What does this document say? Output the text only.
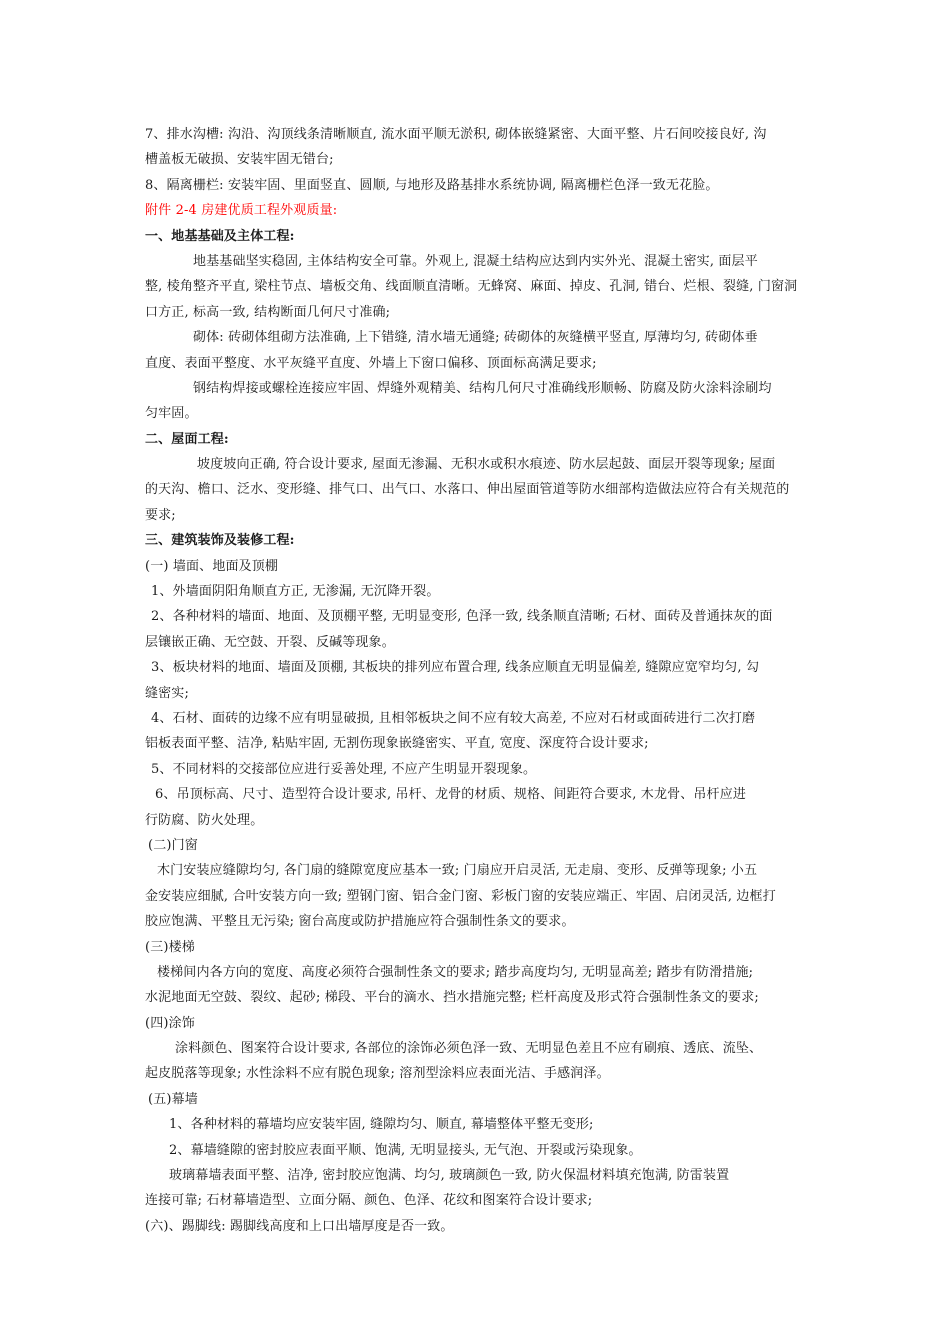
7、排水沟槽: 沟沿、沟顶线条清晰顺直, 流水面平顺无淤积, 砌体嵌缝紧密、大面平整、片石间咬接良好, 沟
槽盖板无破损、安装牢固无错台;
8、隔离栅栏: 安装牢固、里面竖直、圆顺, 与地形及路基排水系统协调, 隔离栅栏色泽一致无花脸。
附件 2-4 房建优质工程外观质量:
一、地基基础及主体工程:
地基基础坚实稳固, 主体结构安全可靠。外观上, 混凝土结构应达到内实外光、混凝土密实, 面层平
整, 棱角整齐平直, 梁柱节点、墙板交角、线面顺直清晰。无蜂窝、麻面、掉皮、孔洞, 错台、烂根、裂缝, 门窗洞
口方正, 标高一致, 结构断面几何尺寸准确;
砌体: 砖砌体组砌方法准确, 上下错缝, 清水墙无通缝; 砖砌体的灰缝横平竖直, 厚薄均匀, 砖砌体垂
直度、表面平整度、水平灰缝平直度、外墙上下窗口偏移、顶面标高满足要求;
钢结构焊接或螺栓连接应牢固、焊缝外观精美、结构几何尺寸准确线形顺畅、防腐及防火涂料涂刷均
匀牢固。
二、屋面工程:
坡度坡向正确, 符合设计要求, 屋面无渗漏、无积水或积水痕迹、防水层起鼓、面层开裂等现象; 屋面
的天沟、檐口、泛水、变形缝、排气口、出气口、水落口、伸出屋面管道等防水细部构造做法应符合有关规范的
要求;
三、建筑装饰及装修工程:
(一) 墙面、地面及顶棚
1、外墙面阴阳角顺直方正, 无渗漏, 无沉降开裂。
2、各种材料的墙面、地面、及顶棚平整, 无明显变形, 色泽一致, 线条顺直清晰; 石材、面砖及普通抹灰的面
层镶嵌正确、无空鼓、开裂、反碱等现象。
3、板块材料的地面、墙面及顶棚, 其板块的排列应布置合理, 线条应顺直无明显偏差, 缝隙应宽窄均匀, 勾
缝密实;
4、石材、面砖的边缘不应有明显破损, 且相邻板块之间不应有较大高差, 不应对石材或面砖进行二次打磨
铝板表面平整、洁净, 粘贴牢固, 无割伤现象嵌缝密实、平直, 宽度、深度符合设计要求;
5、不同材料的交接部位应进行妥善处理, 不应产生明显开裂现象。
6、吊顶标高、尺寸、造型符合设计要求, 吊杆、龙骨的材质、规格、间距符合要求, 木龙骨、吊杆应进
行防腐、防火处理。
(二)门窗
木门安装应缝隙均匀, 各门扇的缝隙宽度应基本一致; 门扇应开启灵活, 无走扇、变形、反弹等现象; 小五
金安装应细腻, 合叶安装方向一致; 塑钢门窗、铝合金门窗、彩板门窗的安装应端正、牢固、启闭灵活, 边框打
胶应饱满、平整且无污染; 窗台高度或防护措施应符合强制性条文的要求。
(三)楼梯
楼梯间内各方向的宽度、高度必须符合强制性条文的要求; 踏步高度均匀, 无明显高差; 踏步有防滑措施;
水泥地面无空鼓、裂纹、起砂; 梯段、平台的滴水、挡水措施完整; 栏杆高度及形式符合强制性条文的要求;
(四)涂饰
涂料颜色、图案符合设计要求, 各部位的涂饰必须色泽一致、无明显色差且不应有刷痕、透底、流坠、
起皮脱落等现象; 水性涂料不应有脱色现象; 溶剂型涂料应表面光洁、手感润泽。
(五)幕墙
1、各种材料的幕墙均应安装牢固, 缝隙均匀、顺直, 幕墙整体平整无变形;
2、幕墙缝隙的密封胶应表面平顺、饱满, 无明显接头, 无气泡、开裂或污染现象。
玻璃幕墙表面平整、洁净, 密封胶应饱满、均匀, 玻璃颜色一致, 防火保温材料填充饱满, 防雷装置
连接可靠; 石材幕墙造型、立面分隔、颜色、色泽、花纹和图案符合设计要求;
(六)、踢脚线: 踢脚线高度和上口出墙厚度是否一致。
